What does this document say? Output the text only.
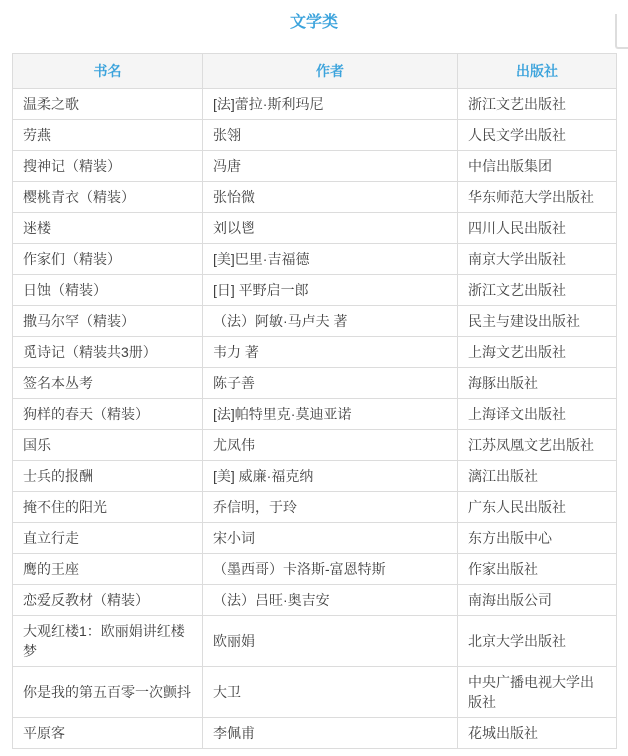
文学类
书名	作者	出版社
温柔之歌	[法]蕾拉·斯利玛尼	浙江文艺出版社
劳燕	张翎	人民文学出版社
搜神记（精装）	冯唐	中信出版集团
樱桃青衣（精装）	张怡微	华东师范大学出版社
迷楼	刘以鬯	四川人民出版社
作家们（精装）	[美]巴里·吉福德	南京大学出版社
日蚀（精装）	[日] 平野启一郎	浙江文艺出版社
撒马尔罕（精装）	（法）阿敏·马卢夫 著	民主与建设出版社
觅诗记（精装共3册）	韦力 著	上海文艺出版社
签名本丛考	陈子善	海豚出版社
狗样的春天（精装）	[法]帕特里克·莫迪亚诺	上海译文出版社
国乐	尤凤伟	江苏凤凰文艺出版社
士兵的报酬	[美] 威廉·福克纳	漓江出版社
掩不住的阳光	乔信明，于玲	广东人民出版社
直立行走	宋小词	东方出版中心
鹰的王座	（墨西哥）卡洛斯-富恩特斯	作家出版社
恋爱反教材（精装）	（法）吕旺·奥吉安	南海出版公司
大观红楼1：欧丽娟讲红楼梦	欧丽娟	北京大学出版社
你是我的第五百零一次颤抖	大卫	中央广播电视大学出版社
平原客	李佩甫	花城出版社
